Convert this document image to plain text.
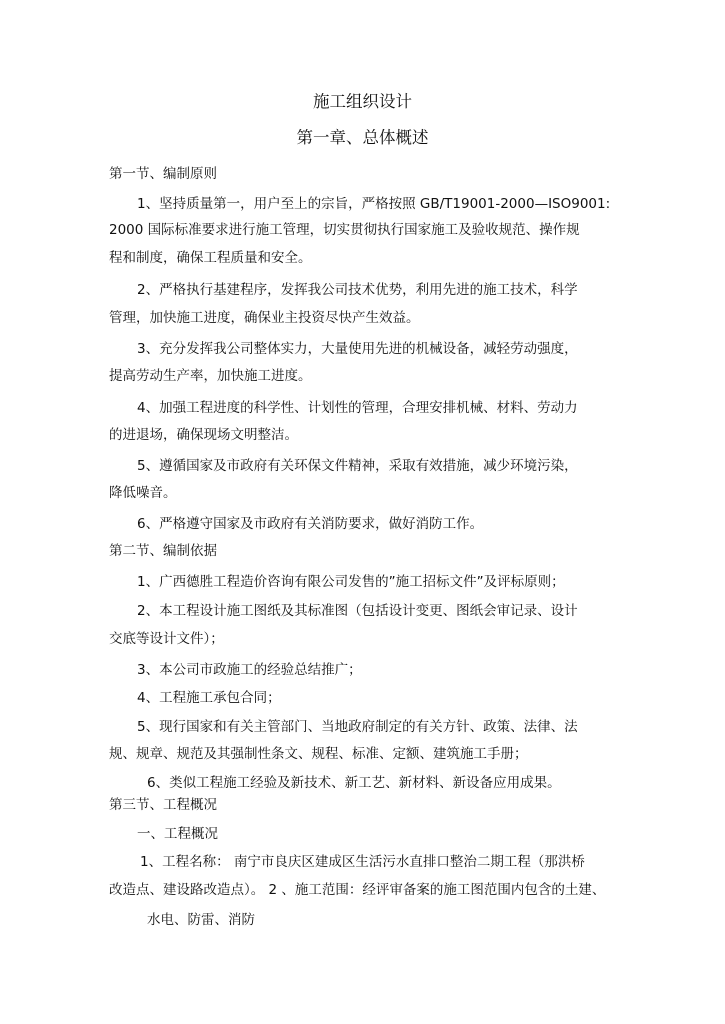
施工组织设计
第一章、总体概述
第一节、编制原则
1、坚持质量第一，用户至上的宗旨，严格按照 GB/T19001-2000—ISO9001:
2000 国际标准要求进行施工管理，切实贯彻执行国家施工及验收规范、操作规
程和制度，确保工程质量和安全。
2、严格执行基建程序，发挥我公司技术优势，利用先进的施工技术，科学
管理，加快施工进度，确保业主投资尽快产生效益。
3、充分发挥我公司整体实力，大量使用先进的机械设备，减轻劳动强度，
提高劳动生产率，加快施工进度。
4、加强工程进度的科学性、计划性的管理，合理安排机械、材料、劳动力
的进退场，确保现场文明整洁。
5、遵循国家及市政府有关环保文件精神，采取有效措施，减少环境污染，
降低噪音。
6、严格遵守国家及市政府有关消防要求，做好消防工作。
第二节、编制依据
1、广西德胜工程造价咨询有限公司发售的”施工招标文件”及评标原则；
2、本工程设计施工图纸及其标准图（包括设计变更、图纸会审记录、设计
交底等设计文件）；
3、本公司市政施工的经验总结推广；
4、工程施工承包合同；
5、现行国家和有关主管部门、当地政府制定的有关方针、政策、法律、法
规、规章、规范及其强制性条文、规程、标准、定额、建筑施工手册；
6、类似工程施工经验及新技术、新工艺、新材料、新设备应用成果。
第三节、工程概况
一、工程概况
1、工程名称： 南宁市良庆区建成区生活污水直排口整治二期工程（那洪桥
改造点、建设路改造点）。 2 、施工范围：经评审备案的施工图范围内包含的土建、
水电、防雷、消防
